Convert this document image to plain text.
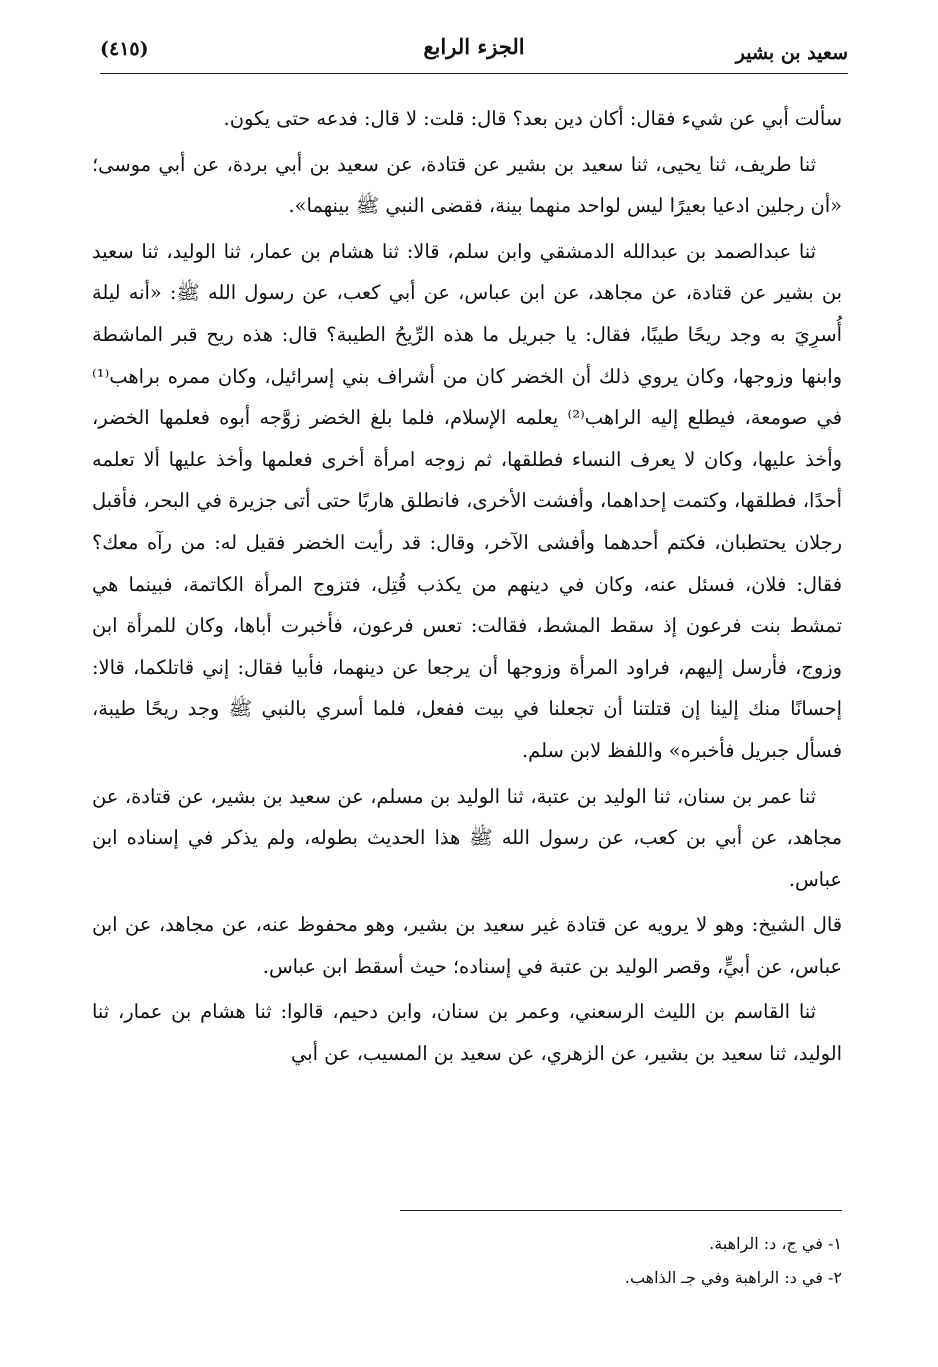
سعيد بن بشير
الجزء الرابع
(٤١٥)

سألت أبي عن شيء فقال: أكان دين بعد؟ قال: قلت: لا قال: فدعه حتى يكون.

ثنا طريف، ثنا يحيى، ثنا سعيد بن بشير عن قتادة، عن سعيد بن أبي بردة، عن أبي موسى؛ «أن رجلين ادعيا بعيرًا ليس لواحد منهما بينة، فقضى النبي ﷺ بينهما».

ثنا عبدالصمد بن عبدالله الدمشقي وابن سلم، قالا: ثنا هشام بن عمار، ثنا الوليد، ثنا سعيد بن بشير عن قتادة، عن مجاهد، عن ابن عباس، عن أبي كعب، عن رسول الله ﷺ: «أنه ليلة أُسرِيَ به وجد ريحًا طيبًا، فقال: يا جبريل ما هذه الرِّيحُ الطيبة؟ قال: هذه ريح قبر الماشطة وابنها وزوجها، وكان يروي ذلك أن الخضر كان من أشراف بني إسرائيل، وكان ممره براهب⁽¹⁾ في صومعة، فيطلع إليه الراهب⁽²⁾ يعلمه الإسلام، فلما بلغ الخضر زوَّجه أبوه فعلمها الخضر، وأخذ عليها، وكان لا يعرف النساء فطلقها، ثم زوجه امرأة أخرى فعلمها وأخذ عليها ألا تعلمه أحدًا، فطلقها، وكتمت إحداهما، وأفشت الأخرى، فانطلق هاربًا حتى أتى جزيرة في البحر، فأقبل رجلان يحتطبان، فكتم أحدهما وأفشى الآخر، وقال: قد رأيت الخضر فقيل له: من رآه معك؟ فقال: فلان، فسئل عنه، وكان في دينهم من يكذب قُتِل، فتزوج المرأة الكاتمة، فبينما هي تمشط بنت فرعون إذ سقط المشط، فقالت: تعس فرعون، فأخبرت أباها، وكان للمرأة ابن وزوج، فأرسل إليهم، فراود المرأة وزوجها أن يرجعا عن دينهما، فأبيا فقال: إني قاتلكما، قالا: إحسانًا منك إلينا إن قتلتنا أن تجعلنا في بيت ففعل، فلما أسري بالنبي ﷺ وجد ريحًا طيبة، فسأل جبريل فأخبره» واللفظ لابن سلم.

ثنا عمر بن سنان، ثنا الوليد بن عتبة، ثنا الوليد بن مسلم، عن سعيد بن بشير، عن قتادة، عن مجاهد، عن أبي بن كعب، عن رسول الله ﷺ هذا الحديث بطوله، ولم يذكر في إسناده ابن عباس.

قال الشيخ: وهو لا يرويه عن قتادة غير سعيد بن بشير، وهو محفوظ عنه، عن مجاهد، عن ابن عباس، عن أبيٍّ، وقصر الوليد بن عتبة في إسناده؛ حيث أسقط ابن عباس.

ثنا القاسم بن الليث الرسعني، وعمر بن سنان، وابن دحيم، قالوا: ثنا هشام بن عمار، ثنا الوليد، ثنا سعيد بن بشير، عن الزهري، عن سعيد بن المسيب، عن أبي

١- في ج، د: الراهبة.
٢- في د: الراهبة وفي جـ الذاهب.
